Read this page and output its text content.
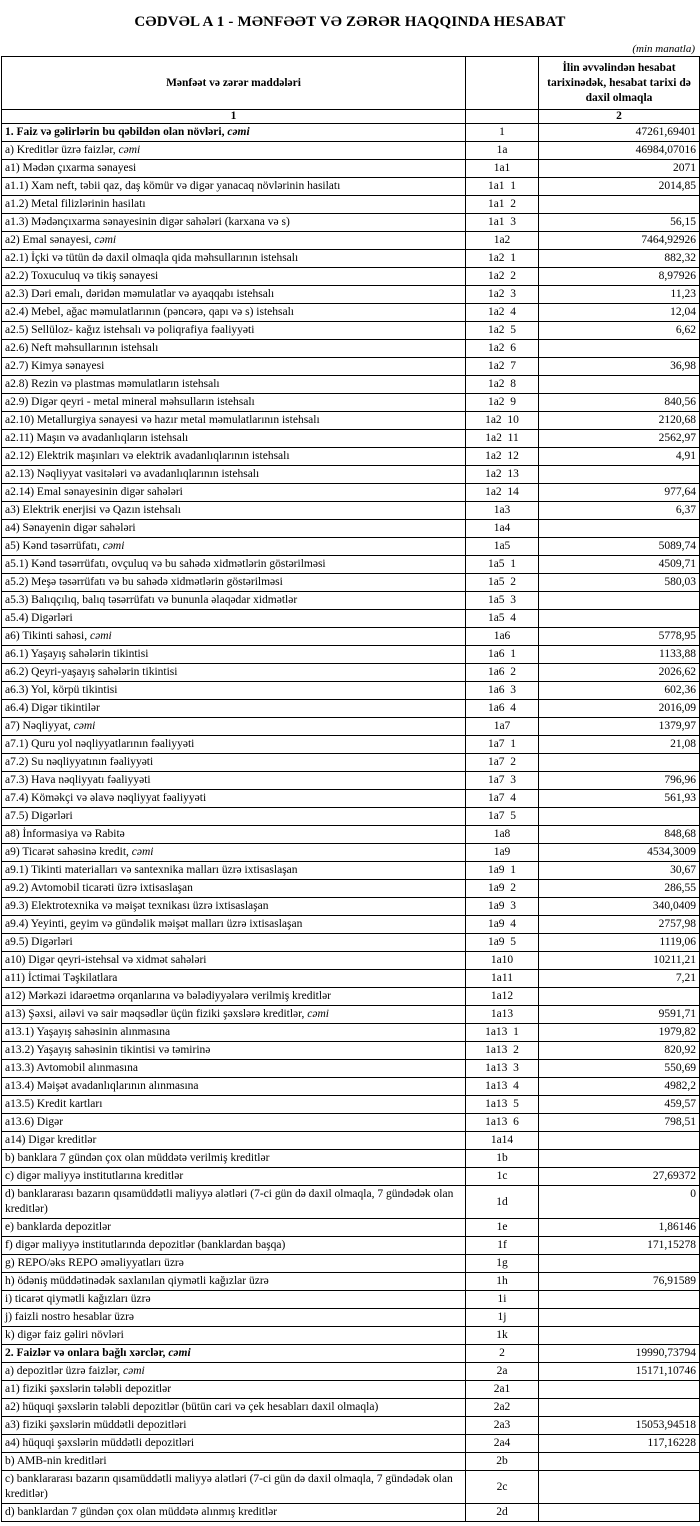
CƏDVƏL A 1 - MƏNFƏƏT VƏ ZƏRƏR HAQQINDA HESABAT
(min manatla)
Mənfəət və zərər maddələri		İlin əvvəlindən hesabat tarixinədək, hesabat tarixi də daxil olmaqla
1		2
1. Faiz və gəlirlərin bu qəbildən olan növləri, cəmi	1	47261,69401
a) Kreditlər üzrə faizlər, cəmi	1a	46984,07016
a1) Mədən çıxarma sənayesi	1a1	2071
a1.1) Xam neft, təbii qaz, daş kömür və digər yanacaq növlərinin hasilatı	1a1  1	2014,85
a1.2) Metal filizlərinin hasilatı	1a1  2	
a1.3) Mədənçıxarma sənayesinin digər sahələri (karxana və s)	1a1  3	56,15
a2) Emal sənayesi, cəmi	1a2	7464,92926
a2.1) İçki və tütün də daxil olmaqla qida məhsullarının istehsalı	1a2  1	882,32
a2.2) Toxuculuq və tikiş sənayesi	1a2  2	8,97926
a2.3) Dəri emalı, dəridən məmulatlar və ayaqqabı istehsalı	1a2  3	11,23
a2.4) Mebel, ağac məmulatlarının (pəncərə, qapı və s) istehsalı	1a2  4	12,04
a2.5) Sellüloz- kağız istehsalı və poliqrafiya fəaliyyəti	1a2  5	6,62
a2.6) Neft məhsullarının istehsalı	1a2  6	
a2.7) Kimya sənayesi	1a2  7	36,98
a2.8) Rezin və plastmas məmulatların istehsalı	1a2  8	
a2.9) Digər qeyri - metal mineral məhsulların istehsalı	1a2  9	840,56
a2.10) Metallurgiya sənayesi və hazır metal məmulatlarının istehsalı	1a2  10	2120,68
a2.11) Maşın və avadanlıqların istehsalı	1a2  11	2562,97
a2.12) Elektrik maşınları və elektrik avadanlıqlarının istehsalı	1a2  12	4,91
a2.13) Nəqliyyat vasitələri və avadanlıqlarının istehsalı	1a2  13	
a2.14) Emal sənayesinin digər sahələri	1a2  14	977,64
a3) Elektrik enerjisi və Qazın istehsalı	1a3	6,37
a4) Sənayenin digər sahələri	1a4	
a5) Kənd təsərrüfatı, cəmi	1a5	5089,74
a5.1) Kənd təsərrüfatı, ovçuluq və bu sahədə xidmətlərin göstərilməsi	1a5  1	4509,71
a5.2) Meşə təsərrüfatı və bu sahədə xidmətlərin göstərilməsi	1a5  2	580,03
a5.3) Balıqçılıq, balıq təsərrüfatı və bununla əlaqədar xidmətlər	1a5  3	
a5.4) Digərləri	1a5  4	
a6) Tikinti sahəsi, cəmi	1a6	5778,95
a6.1) Yaşayış sahələrin tikintisi	1a6  1	1133,88
a6.2) Qeyri-yaşayış sahələrin tikintisi	1a6  2	2026,62
a6.3) Yol, körpü tikintisi	1a6  3	602,36
a6.4) Digər tikintilər	1a6  4	2016,09
a7) Nəqliyyat, cəmi	1a7	1379,97
a7.1) Quru yol nəqliyyatlarının fəaliyyəti	1a7  1	21,08
a7.2) Su nəqliyyatının fəaliyyəti	1a7  2	
a7.3) Hava nəqliyyatı fəaliyyəti	1a7  3	796,96
a7.4) Köməkçi və əlavə nəqliyyat fəaliyyəti	1a7  4	561,93
a7.5) Digərləri	1a7  5	
a8) İnformasiya və Rabitə	1a8	848,68
a9) Ticarət sahəsinə kredit, cəmi	1a9	4534,3009
a9.1) Tikinti materialları və santexnika malları üzrə ixtisaslaşan	1a9  1	30,67
a9.2) Avtomobil ticarəti üzrə ixtisaslaşan	1a9  2	286,55
a9.3) Elektrotexnika və məişət texnikası üzrə ixtisaslaşan	1a9  3	340,0409
a9.4) Yeyinti, geyim və gündəlik məişət malları üzrə ixtisaslaşan	1a9  4	2757,98
a9.5) Digərləri	1a9  5	1119,06
a10) Digər qeyri-istehsal və xidmət sahələri	1a10	10211,21
a11) İctimai Təşkilatlara	1a11	7,21
a12) Mərkəzi idarəetmə orqanlarına və bələdiyyələrə verilmiş kreditlər	1a12	
a13) Şəxsi, ailəvi və sair məqsədlər üçün fiziki şəxslərə kreditlər, cəmi	1a13	9591,71
a13.1) Yaşayış sahəsinin alınmasına	1a13  1	1979,82
a13.2) Yaşayış sahəsinin tikintisi və təmirinə	1a13  2	820,92
a13.3) Avtomobil alınmasına	1a13  3	550,69
a13.4) Məişət avadanlıqlarının alınmasına	1a13  4	4982,2
a13.5) Kredit kartları	1a13  5	459,57
a13.6) Digər	1a13  6	798,51
a14) Digər kreditlər	1a14	
b) banklara 7 gündən çox olan müddətə verilmiş kreditlər	1b	
c) digər maliyyə institutlarına kreditlər	1c	27,69372
d) banklararası bazarın qısamüddətli maliyyə alətləri (7-ci gün də daxil olmaqla, 7 gündədək olan kreditlər)	1d	0
e) banklarda depozitlər	1e	1,86146
f) digər maliyyə institutlarında depozitlər (banklardan başqa)	1f	171,15278
g) REPO/əks REPO əməliyyatları üzrə	1g	
h) ödəniş müddətinədək saxlanılan qiymətli kağızlar üzrə	1h	76,91589
i) ticarət qiymətli kağızları üzrə	1i	
j) faizli nostro hesablar üzrə	1j	
k) digər faiz gəliri növləri	1k	
2. Faizlər və onlara bağlı xərclər, cəmi	2	19990,73794
a) depozitlər üzrə faizlər, cəmi	2a	15171,10746
a1) fiziki şəxslərin tələbli depozitlər	2a1	
a2) hüquqi şəxslərin tələbli depozitlər (bütün cari və çek hesabları daxil olmaqla)	2a2	
a3) fiziki şəxslərin müddətli depozitləri	2a3	15053,94518
a4) hüquqi şəxslərin müddətli depozitləri	2a4	117,16228
b) AMB-nin kreditləri	2b	
c) banklararası bazarın qısamüddətli maliyyə alətləri (7-ci gün də daxil olmaqla, 7 gündədək olan kreditlər)	2c	
d) banklardan 7 gündən çox olan müddətə alınmış kreditlər	2d	
